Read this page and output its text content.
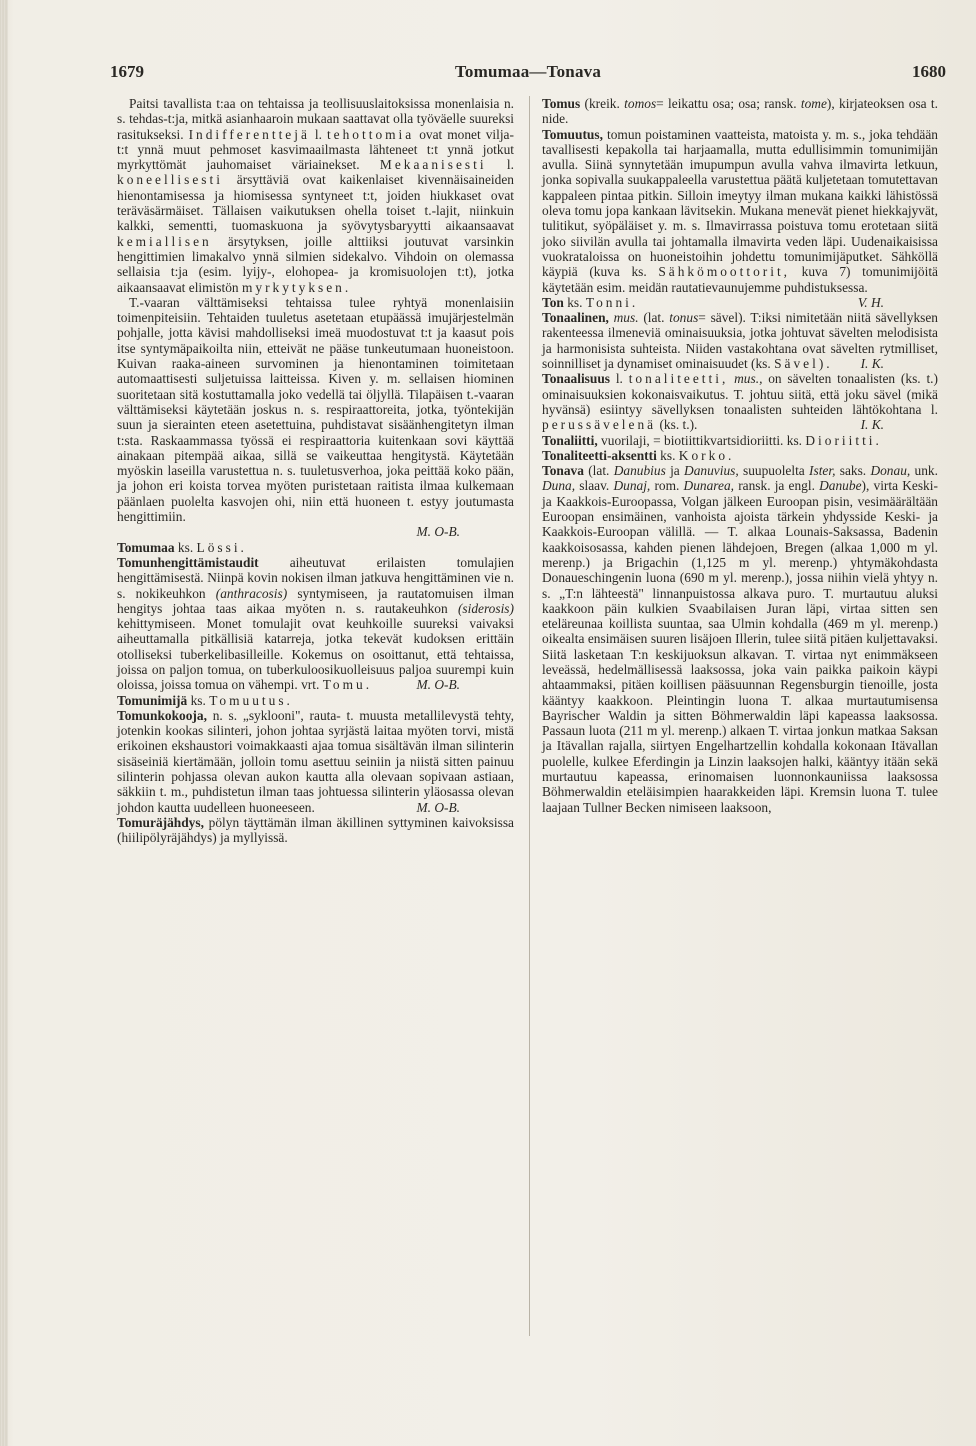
1679	Tomumaa—Tonava	1680

Paitsi tavallista t:aa on tehtaissa ja teollisuuslaitoksissa monenlaisia n. s. tehdas-t:ja, mitkä asianhaaroin mukaan saattavat olla työväelle suureksi rasitukseksi. Indifferenttejä l. tehottomia ovat monet vilja-t:t ynnä muut pehmoset kasvimaailmasta lähteneet t:t ynnä jotkut myrkyttömät jauhomaiset väriainekset. Mekaanisesti l. koneellisesti ärsyttäviä ovat kaikenlaiset kivennäisaineiden hienontamisessa ja hiomisessa syntyneet t:t, joiden hiukkaset ovat teräväsärmäiset. Tällaisen vaikutuksen ohella toiset t.-lajit, niinkuin kalkki, sementti, tuomaskuona ja syövytysbaryytti aikaansaavat kemiallisen ärsytyksen, joille alttiiksi joutuvat varsinkin hengittimien limakalvo ynnä silmien sidekalvo. Vihdoin on olemassa sellaisia t:ja (esim. lyijy-, elohopea- ja kromisuolojen t:t), jotka aikaansaavat elimistön myrkytyksen.

T.-vaaran välttämiseksi tehtaissa tulee ryhtyä monenlaisiin toimenpiteisiin. Tehtaiden tuuletus asetetaan etupäässä imujärjestelmän pohjalle, jotta kävisi mahdolliseksi imeä muodostuvat t:t ja kaasut pois itse syntymäpaikoilta niin, etteivät ne pääse tunkeutumaan huoneistoon. Kuivan raaka-aineen survominen ja hienontaminen toimitetaan automaattisesti suljetuissa laitteissa. Kiven y. m. sellaisen hiominen suoritetaan sitä kostuttamalla joko vedellä tai öljyllä. Tilapäisen t.-vaaran välttämiseksi käytetään joskus n. s. respiraattoreita, jotka, työntekijän suun ja sierainten eteen asetettuina, puhdistavat sisäänhengitetyn ilman t:sta. Raskaammassa työssä ei respiraattoria kuitenkaan sovi käyttää ainakaan pitempää aikaa, sillä se vaikeuttaa hengitystä. Käytetään myöskin laseilla varustettua n. s. tuuletusverhoa, joka peittää koko pään, ja johon eri koista torvea myöten puristetaan raitista ilmaa kulkemaan päänlaen puolelta kasvojen ohi, niin että huoneen t. estyy joutumasta hengittimiin.
M. O-B.

Tomumaa ks. Lössi.

Tomunhengittämistaudit aiheutuvat erilaisten tomulajien hengittämisestä. Niinpä kovin nokisen ilman jatkuva hengittäminen vie n. s. nokikeuhkon (anthracosis) syntymiseen, ja rautatomuisen ilman hengitys johtaa taas aikaa myöten n. s. rautakeuhkon (siderosis) kehittymiseen. Monet tomulajit ovat keuhkoille suureksi vaivaksi aiheuttamalla pitkällisiä katarreja, jotka tekevät kudoksen erittäin otolliseksi tuberkelibasilleille. Kokemus on osoittanut, että tehtaissa, joissa on paljon tomua, on tuberkuloosikuolleisuus paljoa suurempi kuin oloissa, joissa tomua on vähempi. vrt. Tomu.	M. O-B.

Tomunimijä ks. Tomuutus.

Tomunkokooja, n. s. „syklooni", rauta- t. muusta metallilevystä tehty, jotenkin kookas silinteri, johon johtaa syrjästä laitaa myöten torvi, mistä erikoinen ekshaustori voimakkaasti ajaa tomua sisältävän ilman silinterin sisäseiniä kiertämään, jolloin tomu asettuu seiniin ja niistä sitten painuu silinterin pohjassa olevan aukon kautta alla olevaan sopivaan astiaan, säkkiin t. m., puhdistetun ilman taas johtuessa silinterin yläosassa olevan johdon kautta uudelleen huoneeseen.	M. O-B.

Tomuräjähdys, pölyn täyttämän ilman äkillinen syttyminen kaivoksissa (hiilipölyräjähdys) ja myllyissä.

Tomus (kreik. tomos= leikattu osa; osa; ransk. tome), kirjateoksen osa t. nide.

Tomuutus, tomun poistaminen vaatteista, matoista y. m. s., joka tehdään tavallisesti kepakolla tai harjaamalla, mutta edullisimmin tomunimijän avulla. Siinä synnytetään imupumpun avulla vahva ilmavirta letkuun, jonka sopivalla suukappaleella varustettua päätä kuljetetaan tomutettavan kappaleen pintaa pitkin. Silloin imeytyy ilman mukana kaikki lähistössä oleva tomu jopa kankaan lävitsekin. Mukana menevät pienet hiekkajyvät, tulitikut, syöpäläiset y. m. s. Ilmavirrassa poistuva tomu erotetaan siitä joko siivilän avulla tai johtamalla ilmavirta veden läpi. Uudenaikaisissa vuokrataloissa on huoneistoihin johdettu tomunimijäputket. Sähköllä käypiä (kuva ks. Sähkömoottorit, kuva 7) tomunimijöitä käytetään esim. meidän rautatievaunujemme puhdistuksessa.
V. H.

Ton ks. Tonni.

Tonaalinen, mus. (lat. tonus= sävel). T:iksi nimitetään niitä sävellyksen rakenteessa ilmeneviä ominaisuuksia, jotka johtuvat sävelten melodisista ja harmonisista suhteista. Niiden vastakohtana ovat sävelten rytmilliset, soinnilliset ja dynamiset ominaisuudet (ks. Sävel). I. K.

Tonaalisuus l. tonaliteetti, mus., on sävelten tonaalisten (ks. t.) ominaisuuksien kokonaisvaikutus. T. johtuu siitä, että joku sävel (mikä hyvänsä) esiintyy sävellyksen tonaalisten suhteiden lähtökohtana l. perussävelenä (ks. t.).	I. K.

Tonaliitti, vuorilaji, = biotiittikvartsidioriitti. ks. Dioriitti.

Tonaliteetti-aksentti ks. Korko.

Tonava (lat. Danubius ja Danuvius, suupuolelta Ister, saks. Donau, unk. Duna, slaav. Dunaj, rom. Dunarea, ransk. ja engl. Danube), virta Keski- ja Kaakkois-Euroopassa, Volgan jälkeen Euroopan pisin, vesimäärältään Euroopan ensimäinen, vanhoista ajoista tärkein yhdysside Keski- ja Kaakkois-Euroopan välillä. — T. alkaa Lounais-Saksassa, Badenin kaakkoisosassa, kahden pienen lähdejoen, Bregen (alkaa 1,000 m yl. merenp.) ja Brigachin (1,125 m yl. merenp.) yhtymäkohdasta Donaueschingenin luona (690 m yl. merenp.), jossa niihin vielä yhtyy n. s. „T:n lähteestä" linnanpuistossa alkava puro. T. murtautuu aluksi kaakkoon päin kulkien Svaabilaisen Juran läpi, virtaa sitten sen eteläreunaa koillista suuntaa, saa Ulmin kohdalla (469 m yl. merenp.) oikealta ensimäisen suuren lisäjoen Illerin, tulee siitä pitäen kuljettavaksi. Siitä lasketaan T:n keskijuoksun alkavan. T. virtaa nyt enimmäkseen leveässä, hedelmällisessä laaksossa, joka vain paikka paikoin käypi ahtaammaksi, pitäen koillisen pääsuunnan Regensburgin tienoille, josta kääntyy kaakkoon. Pleintingin luona T. alkaa murtautumisensa Bayrischer Waldin ja sitten Böhmerwaldin läpi kapeassa laaksossa. Passaun luota (211 m yl. merenp.) alkaen T. virtaa jonkun matkaa Saksan ja Itävallan rajalla, siirtyen Engelhartzellin kohdalla kokonaan Itävallan puolelle, kulkee Eferdingin ja Linzin laaksojen halki, kääntyy itään sekä murtautuu kapeassa, erinomaisen luonnonkauniissa laaksossa Böhmerwaldin eteläisimpien haarakkeiden läpi. Kremsin luona T. tulee laajaan Tullner Becken nimiseen laaksoon,
